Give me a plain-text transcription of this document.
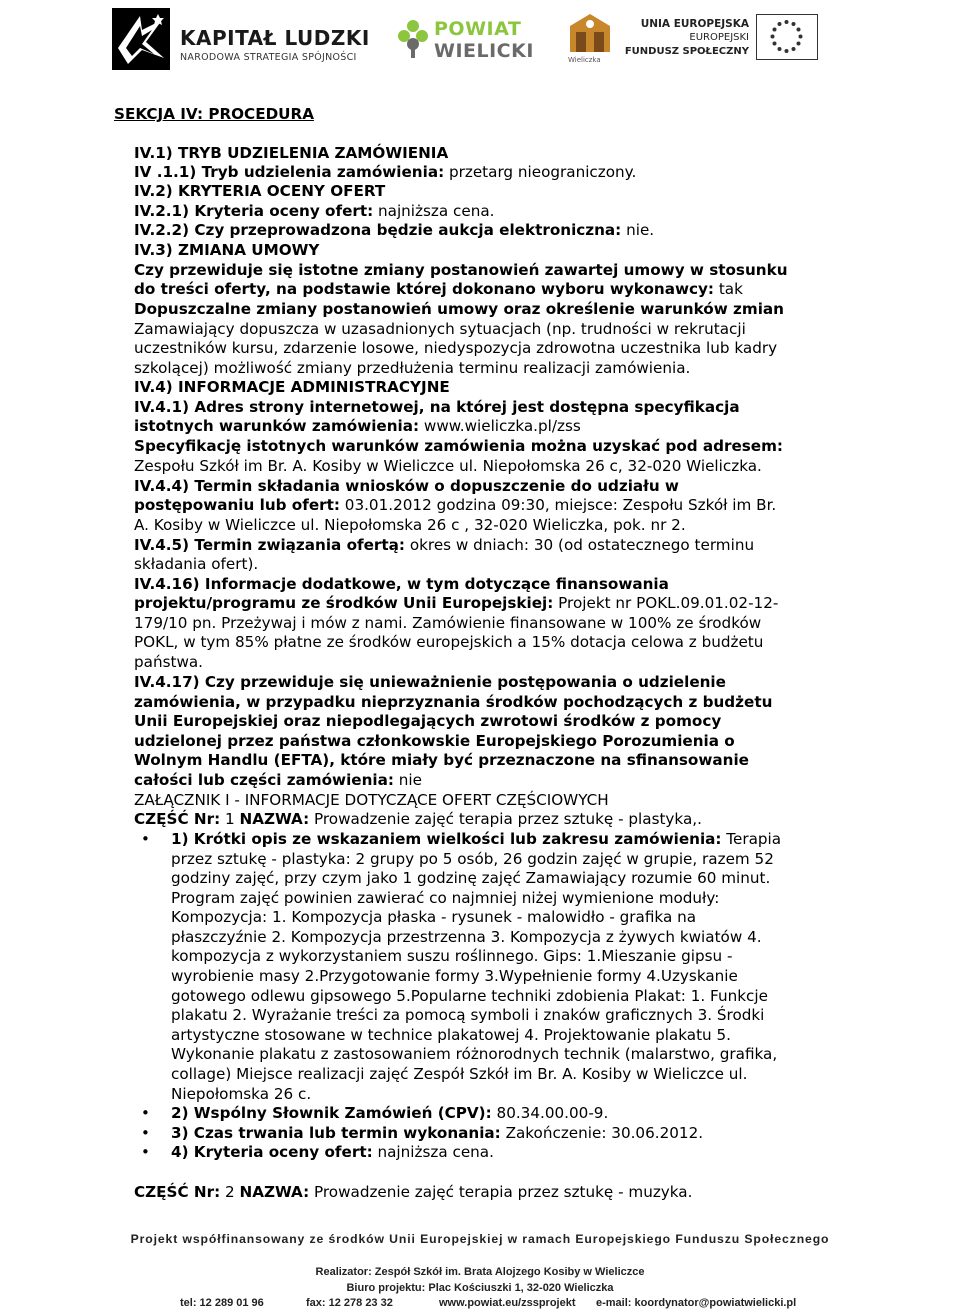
KAPITAŁ LUDZKI
NARODOWA STRATEGIA SPÓJNOŚCI
POWIAT
WIELICKI	Wieliczka
UNIA EUROPEJSKA
EUROPEJSKI
FUNDUSZ SPOŁECZNY
SEKCJA IV: PROCEDURA
IV.1) TRYB UDZIELENIA ZAMÓWIENIA
IV .1.1) Tryb udzielenia zamówienia: przetarg nieograniczony.
IV.2) KRYTERIA OCENY OFERT
IV.2.1) Kryteria oceny ofert: najniższa cena.
IV.2.2) Czy przeprowadzona będzie aukcja elektroniczna: nie.
IV.3) ZMIANA UMOWY
Czy przewiduje się istotne zmiany postanowień zawartej umowy w stosunku
do treści oferty, na podstawie której dokonano wyboru wykonawcy: tak
Dopuszczalne zmiany postanowień umowy oraz określenie warunków zmian
Zamawiający dopuszcza w uzasadnionych sytuacjach (np. trudności w rekrutacji
uczestników kursu, zdarzenie losowe, niedyspozycja zdrowotna uczestnika lub kadry
szkolącej) możliwość zmiany przedłużenia terminu realizacji zamówienia.
IV.4) INFORMACJE ADMINISTRACYJNE
IV.4.1) Adres strony internetowej, na której jest dostępna specyfikacja
istotnych warunków zamówienia: www.wieliczka.pl/zss
Specyfikację istotnych warunków zamówienia można uzyskać pod adresem:
Zespołu Szkół im Br. A. Kosiby w Wieliczce ul. Niepołomska 26 c, 32-020 Wieliczka.
IV.4.4) Termin składania wniosków o dopuszczenie do udziału w
postępowaniu lub ofert: 03.01.2012 godzina 09:30, miejsce: Zespołu Szkół im Br.
A. Kosiby w Wieliczce ul. Niepołomska 26 c , 32-020 Wieliczka, pok. nr 2.
IV.4.5) Termin związania ofertą: okres w dniach: 30 (od ostatecznego terminu
składania ofert).
IV.4.16) Informacje dodatkowe, w tym dotyczące finansowania
projektu/programu ze środków Unii Europejskiej: Projekt nr POKL.09.01.02-12-
179/10 pn. Przeżywaj i mów z nami. Zamówienie finansowane w 100% ze środków
POKL, w tym 85% płatne ze środków europejskich a 15% dotacja celowa z budżetu
państwa.
IV.4.17) Czy przewiduje się unieważnienie postępowania o udzielenie
zamówienia, w przypadku nieprzyznania środków pochodzących z budżetu
Unii Europejskiej oraz niepodlegających zwrotowi środków z pomocy
udzielonej przez państwa członkowskie Europejskiego Porozumienia o
Wolnym Handlu (EFTA), które miały być przeznaczone na sfinansowanie
całości lub części zamówienia: nie
ZAŁĄCZNIK I - INFORMACJE DOTYCZĄCE OFERT CZĘŚCIOWYCH
CZĘŚĆ Nr: 1 NAZWA: Prowadzenie zajęć terapia przez sztukę - plastyka,.
• 1) Krótki opis ze wskazaniem wielkości lub zakresu zamówienia: Terapia
przez sztukę - plastyka: 2 grupy po 5 osób, 26 godzin zajęć w grupie, razem 52
godziny zajęć, przy czym jako 1 godzinę zajęć Zamawiający rozumie 60 minut.
Program zajęć powinien zawierać co najmniej niżej wymienione moduły:
Kompozycja: 1. Kompozycja płaska - rysunek - malowidło - grafika na
płaszczyźnie 2. Kompozycja przestrzenna 3. Kompozycja z żywych kwiatów 4.
kompozycja z wykorzystaniem suszu roślinnego. Gips: 1.Mieszanie gipsu -
wyrobienie masy 2.Przygotowanie formy 3.Wypełnienie formy 4.Uzyskanie
gotowego odlewu gipsowego 5.Popularne techniki zdobienia Plakat: 1. Funkcje
plakatu 2. Wyrażanie treści za pomocą symboli i znaków graficznych 3. Środki
artystyczne stosowane w technice plakatowej 4. Projektowanie plakatu 5.
Wykonanie plakatu z zastosowaniem różnorodnych technik (malarstwo, grafika,
collage) Miejsce realizacji zajęć Zespół Szkół im Br. A. Kosiby w Wieliczce ul.
Niepołomska 26 c.
• 2) Wspólny Słownik Zamówień (CPV): 80.34.00.00-9.
• 3) Czas trwania lub termin wykonania: Zakończenie: 30.06.2012.
• 4) Kryteria oceny ofert: najniższa cena.
CZĘŚĆ Nr: 2 NAZWA: Prowadzenie zajęć terapia przez sztukę - muzyka.
Projekt współfinansowany ze środków Unii Europejskiej w ramach Europejskiego Funduszu Społecznego
Realizator: Zespół Szkół im. Brata Alojzego Kosiby w Wieliczce
Biuro projektu: Plac Kościuszki 1, 32-020 Wieliczka
tel: 12 289 01 96	fax: 12 278 23 32	www.powiat.eu/zssprojekt e-mail: koordynator@powiatwielicki.pl
